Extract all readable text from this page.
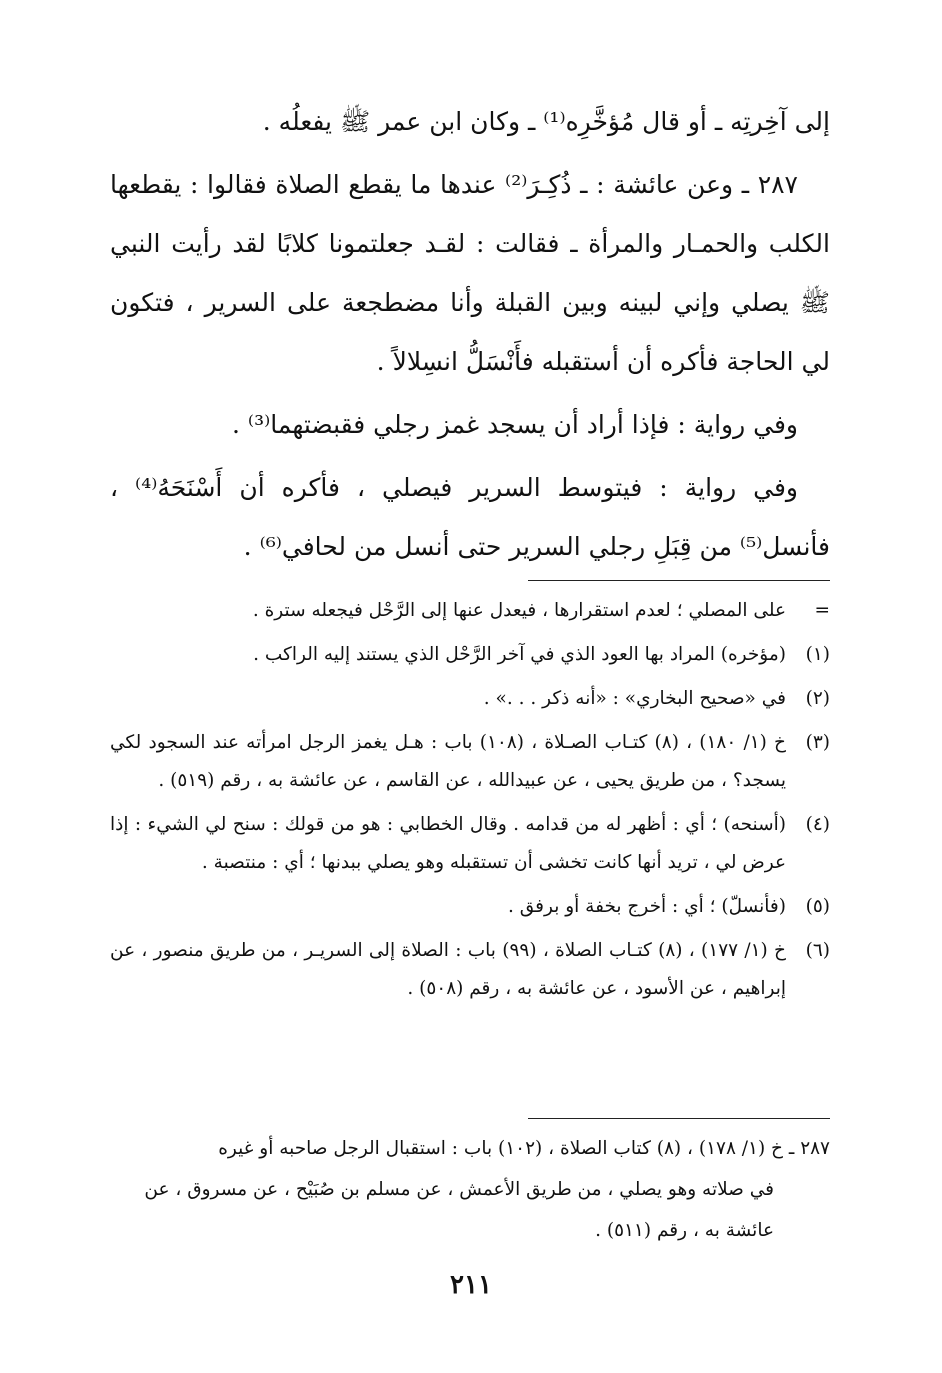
إلى آخِرتِه ـ أو قال مُؤخَّرِه⁽¹⁾ ـ وكان ابن عمر ﷺ يفعلُه .

٢٨٧ ـ وعن عائشة : ـ ذُكِـرَ⁽²⁾ عندها ما يقطع الصلاة فقالوا : يقطعها الكلب والحمـار والمرأة ـ فقالت : لقـد جعلتمونا كلابًا لقد رأيت النبي ﷺ يصلي وإني لبينه وبين القبلة وأنا مضطجعة على السرير ، فتكون لي الحاجة فأكره أن أستقبله فأَنْسَلُّ انسِلالاً .

وفي رواية : فإذا أراد أن يسجد غمز رجلي فقبضتهما⁽³⁾ .

وفي رواية : فيتوسط السرير فيصلي ، فأكره أن أَسْنَحَهُ⁽⁴⁾ ، فأنسل⁽⁵⁾ من قِبَلِ رجلي السرير حتى أنسل من لحافي⁽⁶⁾ .

=
على المصلي ؛ لعدم استقرارها ، فيعدل عنها إلى الرَّحْل فيجعله سترة .
(١)
(مؤخره) المراد بها العود الذي في آخر الرَّحْل الذي يستند إليه الراكب .
(٢)
في «صحيح البخاري» : «أنه ذكر . . .» .
(٣)
خ (١/ ١٨٠) ، (٨) كتـاب الصـلاة ، (١٠٨) باب : هـل يغمز الرجل امرأته عند السجود لكي يسجد؟ ، من طريق يحيى ، عن عبيدالله ، عن القاسم ، عن عائشة به ، رقم (٥١٩) .
(٤)
(أسنحه) ؛ أي : أظهر له من قدامه . وقال الخطابي : هو من قولك : سنح لي الشيء : إذا عرض لي ، تريد أنها كانت تخشى أن تستقبله وهو يصلي ببدنها ؛ أي : منتصبة .
(٥)
(فأنسلّ) ؛ أي : أخرج بخفة أو برفق .
(٦)
خ (١/ ١٧٧) ، (٨) كتـاب الصلاة ، (٩٩) باب : الصلاة إلى السريـر ، من طريق منصور ، عن إبراهيم ، عن الأسود ، عن عائشة به ، رقم (٥٠٨) .

٢٨٧ ـ خ (١/ ١٧٨) ، (٨) كتاب الصلاة ، (١٠٢) باب : استقبال الرجل صاحبه أو غيره

في صلاته وهو يصلي ، من طريق الأعمش ، عن مسلم بن صُبَيْح ، عن مسروق ، عن عائشة به ، رقم (٥١١) .

٢١١
